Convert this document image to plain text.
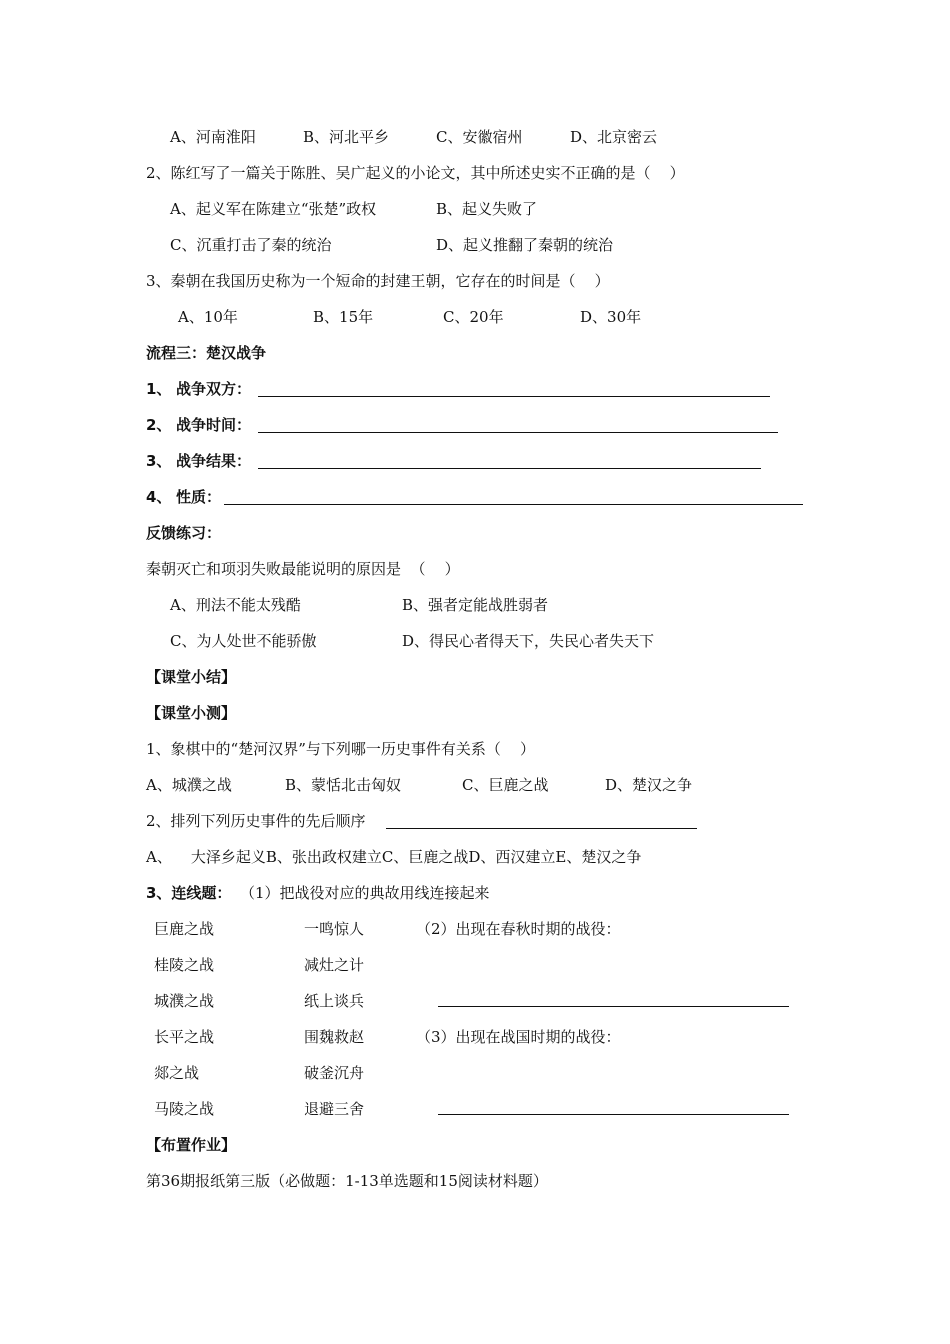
A、河南淮阳	B、河北平乡	C、安徽宿州	D、北京密云
2、陈红写了一篇关于陈胜、吴广起义的小论文，其中所述史实不正确的是（    ）
A、起义军在陈建立“张楚”政权	B、起义失败了
C、沉重打击了秦的统治	D、起义推翻了秦朝的统治
3、秦朝在我国历史称为一个短命的封建王朝，它存在的时间是（    ）
A、10年	B、15年	C、20年	D、30年
流程三：楚汉战争
1、 战争双方：
2、 战争时间：
3、 战争结果：
4、 性质：
反馈练习：
秦朝灭亡和项羽失败最能说明的原因是  （    ）
A、刑法不能太残酷	B、强者定能战胜弱者
C、为人处世不能骄傲	D、得民心者得天下，失民心者失天下
【课堂小结】
【课堂小测】
1、象棋中的“楚河汉界”与下列哪一历史事件有关系（    ）
A、城濮之战	B、蒙恬北击匈奴	C、巨鹿之战	D、楚汉之争
2、排列下列历史事件的先后顺序
A、    大泽乡起义B、张出政权建立C、巨鹿之战D、西汉建立E、楚汉之争
3、连线题： （1）把战役对应的典故用线连接起来
巨鹿之战	一鸣惊人	（2）出现在春秋时期的战役：
桂陵之战	减灶之计
城濮之战	纸上谈兵
长平之战	围魏救赵	（3）出现在战国时期的战役：
郯之战	破釜沉舟
马陵之战	退避三舍
【布置作业】
第36期报纸第三版（必做题：1-13单选题和15阅读材料题）
